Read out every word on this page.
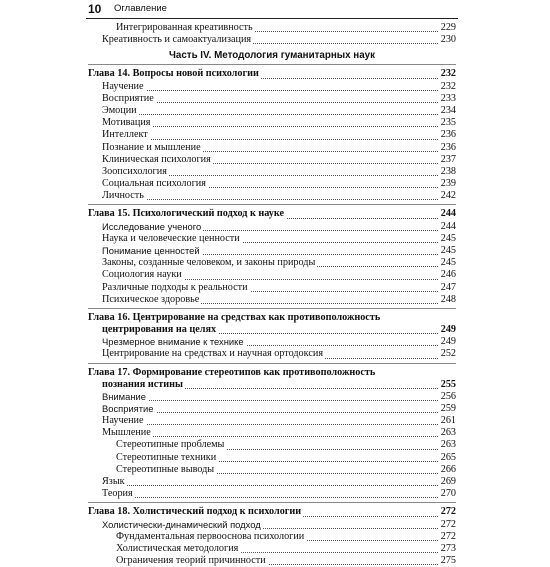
10 Оглавление
Интегрированная креативность	229
Креативность и самоактуализация	230
Часть IV. Методология гуманитарных наук
Глава 14. Вопросы новой психологии	232
Научение	232
Восприятие	233
Эмоции	234
Мотивация	235
Интеллект	236
Познание и мышление	236
Клиническая психология	237
Зоопсихология	238
Социальная психология	239
Личность	242
Глава 15. Психологический подход к науке	244
Исследование ученого	244
Наука и человеческие ценности	245
Понимание ценностей	245
Законы, созданные человеком, и законы природы	245
Социология науки	246
Различные подходы к реальности	247
Психическое здоровье	248
Глава 16. Центрирование на средствах как противоположность
центрирования на целях	249
Чрезмерное внимание к технике	249
Центрирование на средствах и научная ортодоксия	252
Глава 17. Формирование стереотипов как противоположность
познания истины	255
Внимание	256
Восприятие	259
Научение	261
Мышление	263
Стереотипные проблемы	263
Стереотипные техники	265
Стереотипные выводы	266
Язык	269
Теория	270
Глава 18. Холистический подход к психологии	272
Холистически-динамический подход	272
Фундаментальная первооснова психологии	272
Холистическая методология	273
Ограничения теорий причинности	275
